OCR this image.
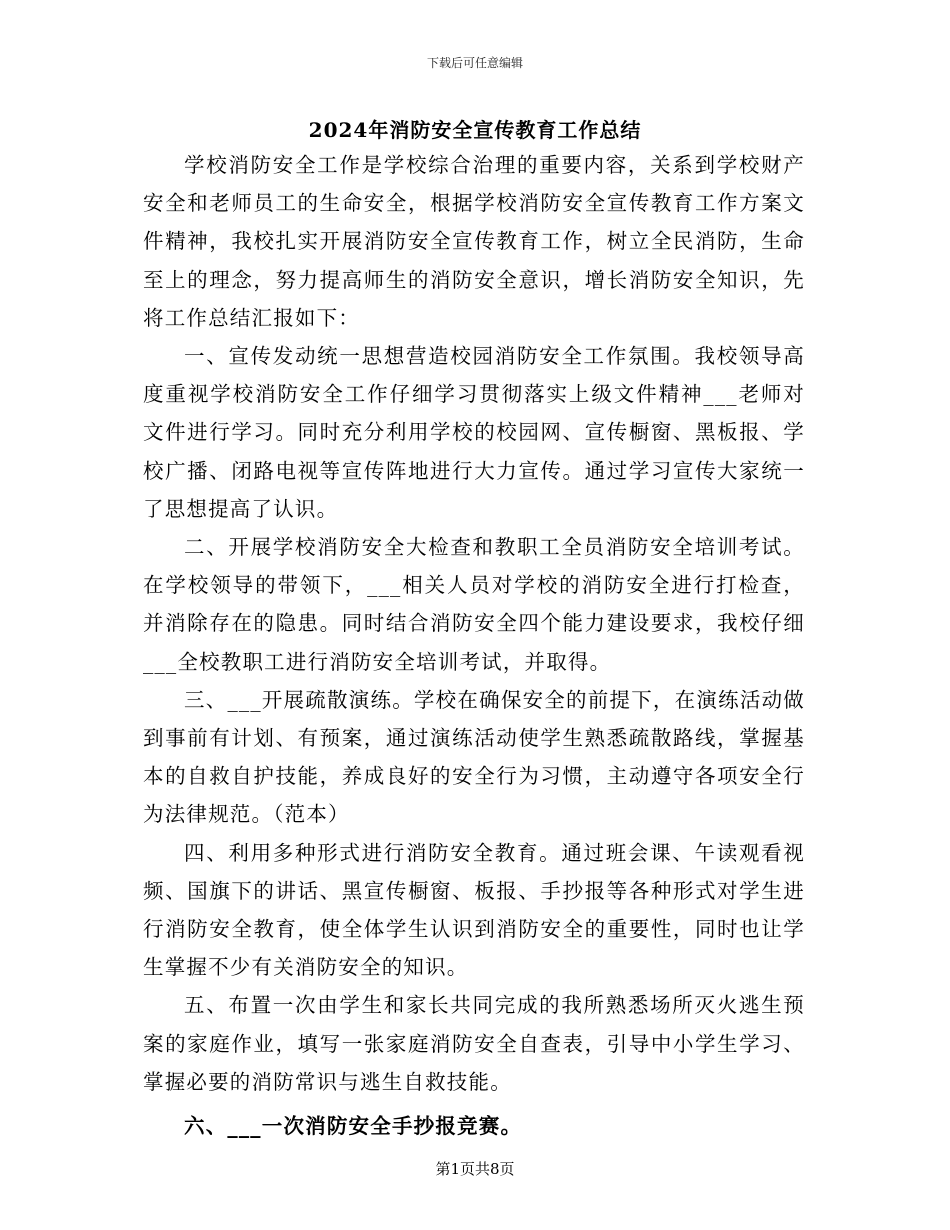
下载后可任意编辑
2024年消防安全宣传教育工作总结

学校消防安全工作是学校综合治理的重要内容，关系到学校财产安全和老师员工的生命安全，根据学校消防安全宣传教育工作方案文件精神，我校扎实开展消防安全宣传教育工作，树立全民消防，生命至上的理念，努力提高师生的消防安全意识，增长消防安全知识，先将工作总结汇报如下：

一、宣传发动统一思想营造校园消防安全工作氛围。我校领导高度重视学校消防安全工作仔细学习贯彻落实上级文件精神___老师对文件进行学习。同时充分利用学校的校园网、宣传橱窗、黑板报、学校广播、闭路电视等宣传阵地进行大力宣传。通过学习宣传大家统一了思想提高了认识。

二、开展学校消防安全大检查和教职工全员消防安全培训考试。在学校领导的带领下，___相关人员对学校的消防安全进行打检查，并消除存在的隐患。同时结合消防安全四个能力建设要求，我校仔细___全校教职工进行消防安全培训考试，并取得。

三、___开展疏散演练。学校在确保安全的前提下，在演练活动做到事前有计划、有预案，通过演练活动使学生熟悉疏散路线，掌握基本的自救自护技能，养成良好的安全行为习惯，主动遵守各项安全行为法律规范。（范本）

四、利用多种形式进行消防安全教育。通过班会课、午读观看视频、国旗下的讲话、黑宣传橱窗、板报、手抄报等各种形式对学生进行消防安全教育，使全体学生认识到消防安全的重要性，同时也让学生掌握不少有关消防安全的知识。

五、布置一次由学生和家长共同完成的我所熟悉场所灭火逃生预案的家庭作业，填写一张家庭消防安全自查表，引导中小学生学习、掌握必要的消防常识与逃生自救技能。

六、___一次消防安全手抄报竞赛。

第1页共8页
